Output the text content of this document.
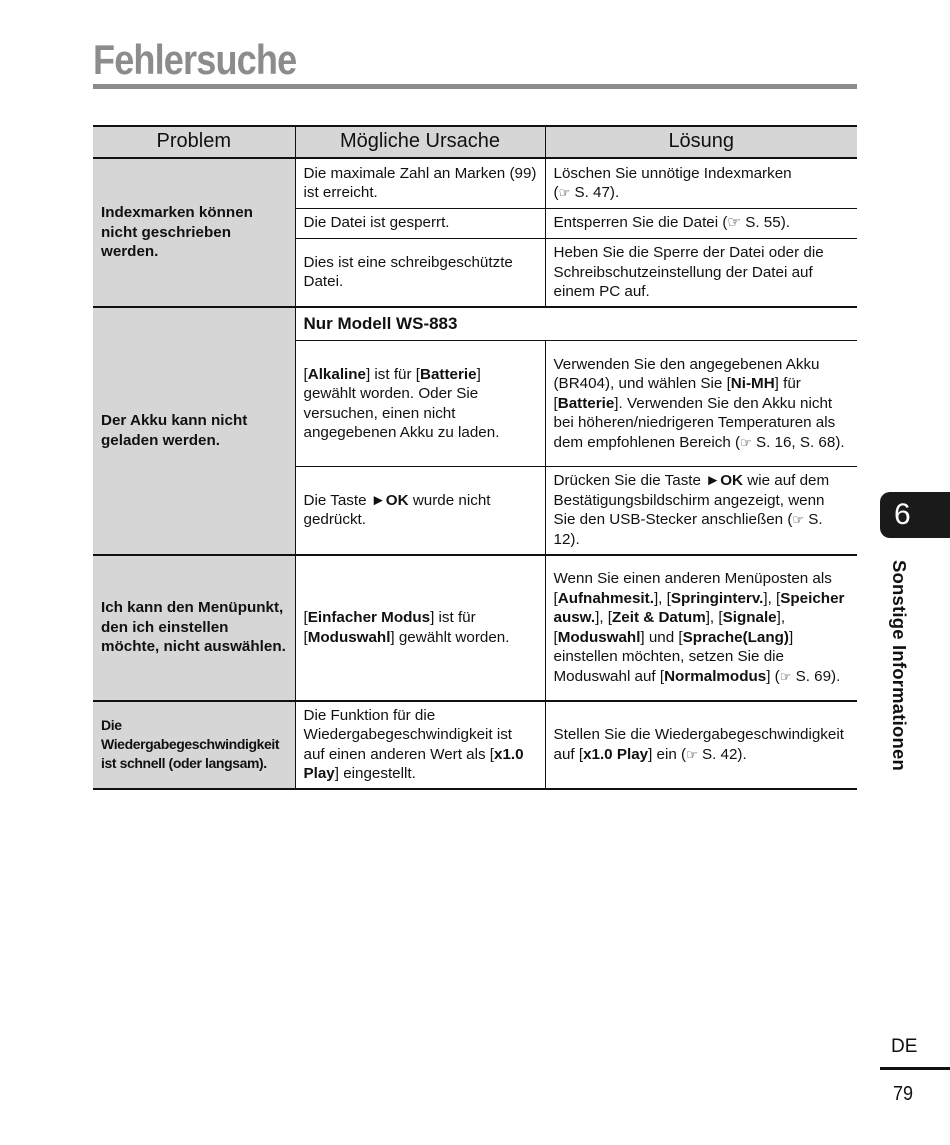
Fehlersuche
Problem	Mögliche Ursache	Lösung
Indexmarken können nicht geschrieben werden.	Die maximale Zahl an Marken (99) ist erreicht.	Löschen Sie unnötige Indexmarken
(☞ S. 47).
	Die Datei ist gesperrt.	Entsperren Sie die Datei (☞ S. 55).
	Dies ist eine schreibgeschützte Datei.	Heben Sie die Sperre der Datei oder die Schreibschutzeinstellung der Datei auf einem PC auf.
Der Akku kann nicht geladen werden.	Nur Modell WS-883	
	[Alkaline] ist für [Batterie] gewählt worden. Oder Sie versuchen, einen nicht angegebenen Akku zu laden.	Verwenden Sie den angegebenen Akku (BR404), und wählen Sie [Ni-MH] für [Batterie]. Verwenden Sie den Akku nicht bei höheren/niedrigeren Temperaturen als dem empfohlenen Bereich (☞ S. 16, S. 68).
	Die Taste ►OK wurde nicht gedrückt.	Drücken Sie die Taste ►OK wie auf dem Bestätigungsbildschirm angezeigt, wenn Sie den USB-Stecker anschließen (☞ S. 12).
Ich kann den Menüpunkt, den ich einstellen möchte, nicht auswählen.	[Einfacher Modus] ist für [Moduswahl] gewählt worden.	Wenn Sie einen anderen Menüposten als [Aufnahmesit.], [Springinterv.], [Speicher ausw.], [Zeit & Datum], [Signale], [Moduswahl] und [Sprache(Lang)] einstellen möchten, setzen Sie die Moduswahl auf [Normalmodus] (☞ S. 69).
Die Wiedergabegeschwindigkeit ist schnell (oder langsam).	Die Funktion für die Wiedergabegeschwindigkeit ist auf einen anderen Wert als [x1.0 Play] eingestellt.	Stellen Sie die Wiedergabegeschwindigkeit auf [x1.0 Play] ein (☞ S. 42).
6
Sonstige Informationen
DE
79
